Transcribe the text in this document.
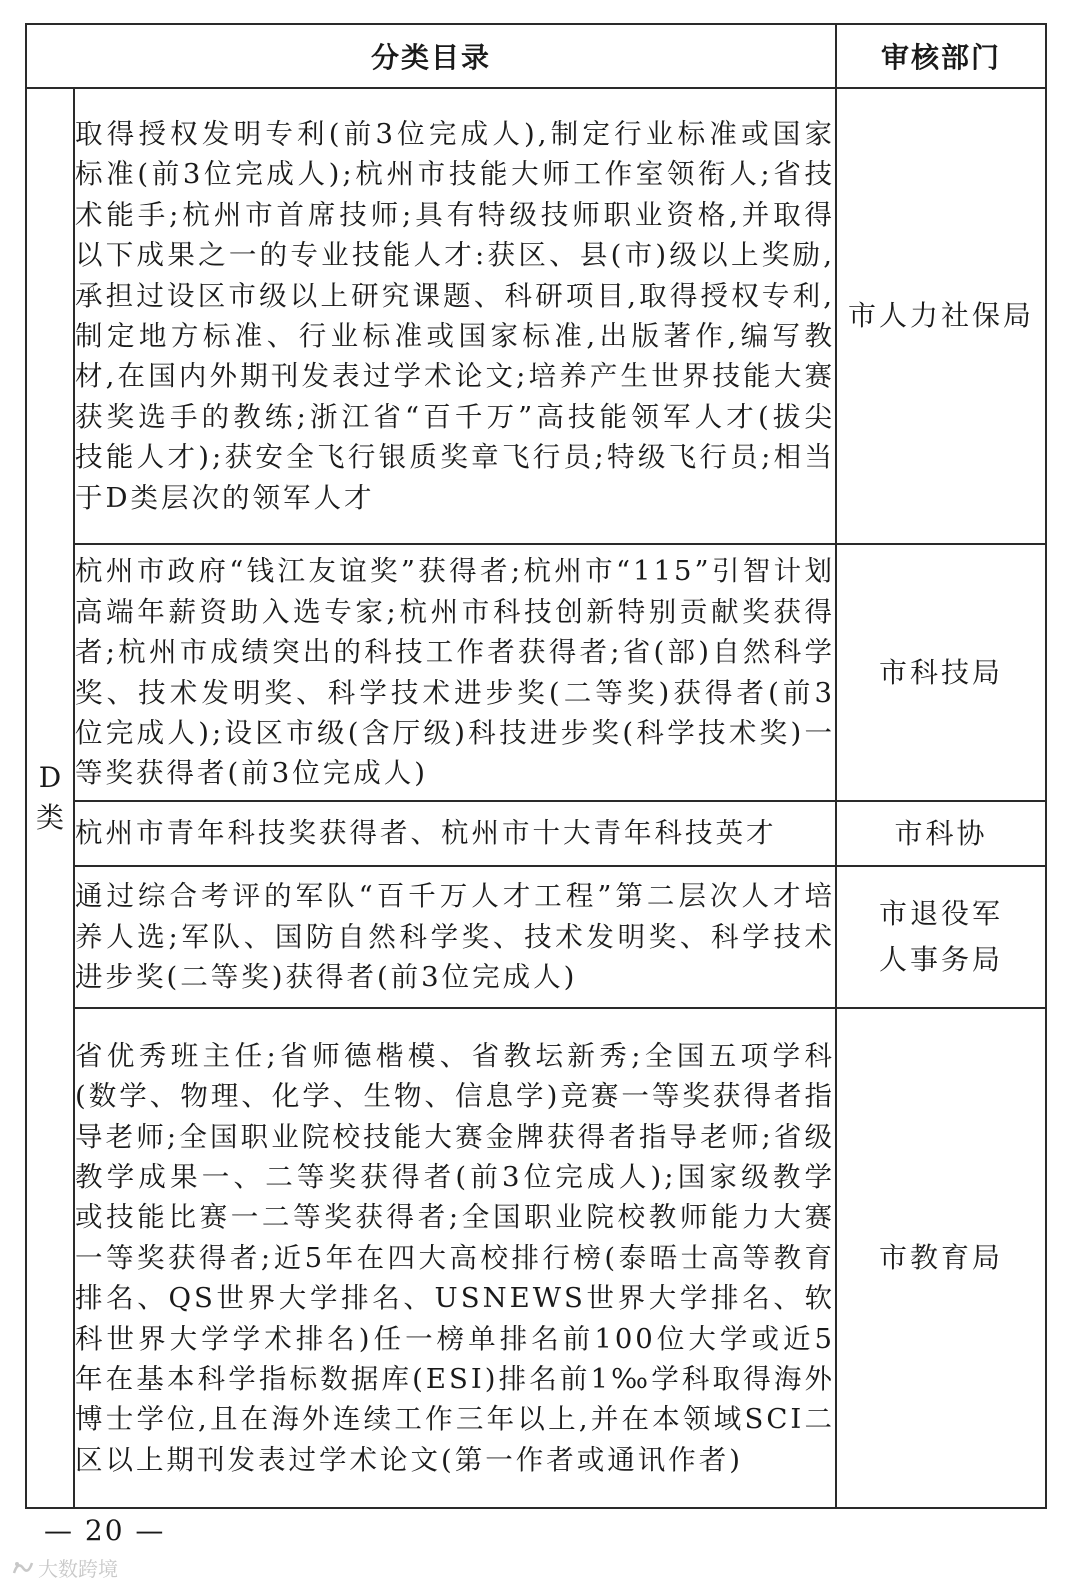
分类目录		审核部门

D
类	取得授权发明专利(前3位完成人),制定行业标准或国家标准(前3位完成人);杭州市技能大师工作室领衔人;省技术能手;杭州市首席技师;具有特级技师职业资格,并取得以下成果之一的专业技能人才:获区、县(市)级以上奖励,承担过设区市级以上研究课题、科研项目,取得授权专利,制定地方标准、行业标准或国家标准,出版著作,编写教材,在国内外期刊发表过学术论文;培养产生世界技能大赛获奖选手的教练;浙江省“百千万”高技能领军人才(拔尖技能人才);获安全飞行银质奖章飞行员;特级飞行员;相当于D类层次的领军人才	市人力社保局
	杭州市政府“钱江友谊奖”获得者;杭州市“115”引智计划高端年薪资助入选专家;杭州市科技创新特别贡献奖获得者;杭州市成绩突出的科技工作者获得者;省(部)自然科学奖、技术发明奖、科学技术进步奖(二等奖)获得者(前3位完成人);设区市级(含厅级)科技进步奖(科学技术奖)一等奖获得者(前3位完成人)	市科技局
	杭州市青年科技奖获得者、杭州市十大青年科技英才	市科协
	通过综合考评的军队“百千万人才工程”第二层次人才培养人选;军队、国防自然科学奖、技术发明奖、科学技术进步奖(二等奖)获得者(前3位完成人)	市退役军人事务局
	省优秀班主任;省师德楷模、省教坛新秀;全国五项学科(数学、物理、化学、生物、信息学)竞赛一等奖获得者指导老师;全国职业院校技能大赛金牌获得者指导老师;省级教学成果一、二等奖获得者(前3位完成人);国家级教学或技能比赛一二等奖获得者;全国职业院校教师能力大赛一等奖获得者;近5年在四大高校排行榜(泰晤士高等教育排名、QS世界大学排名、USNEWS世界大学排名、软科世界大学学术排名)任一榜单排名前100位大学或近5年在基本科学指标数据库(ESI)排名前1‰学科取得海外博士学位,且在海外连续工作三年以上,并在本领域SCI二区以上期刊发表过学术论文(第一作者或通讯作者)	市教育局
— 20 —
大数跨境
